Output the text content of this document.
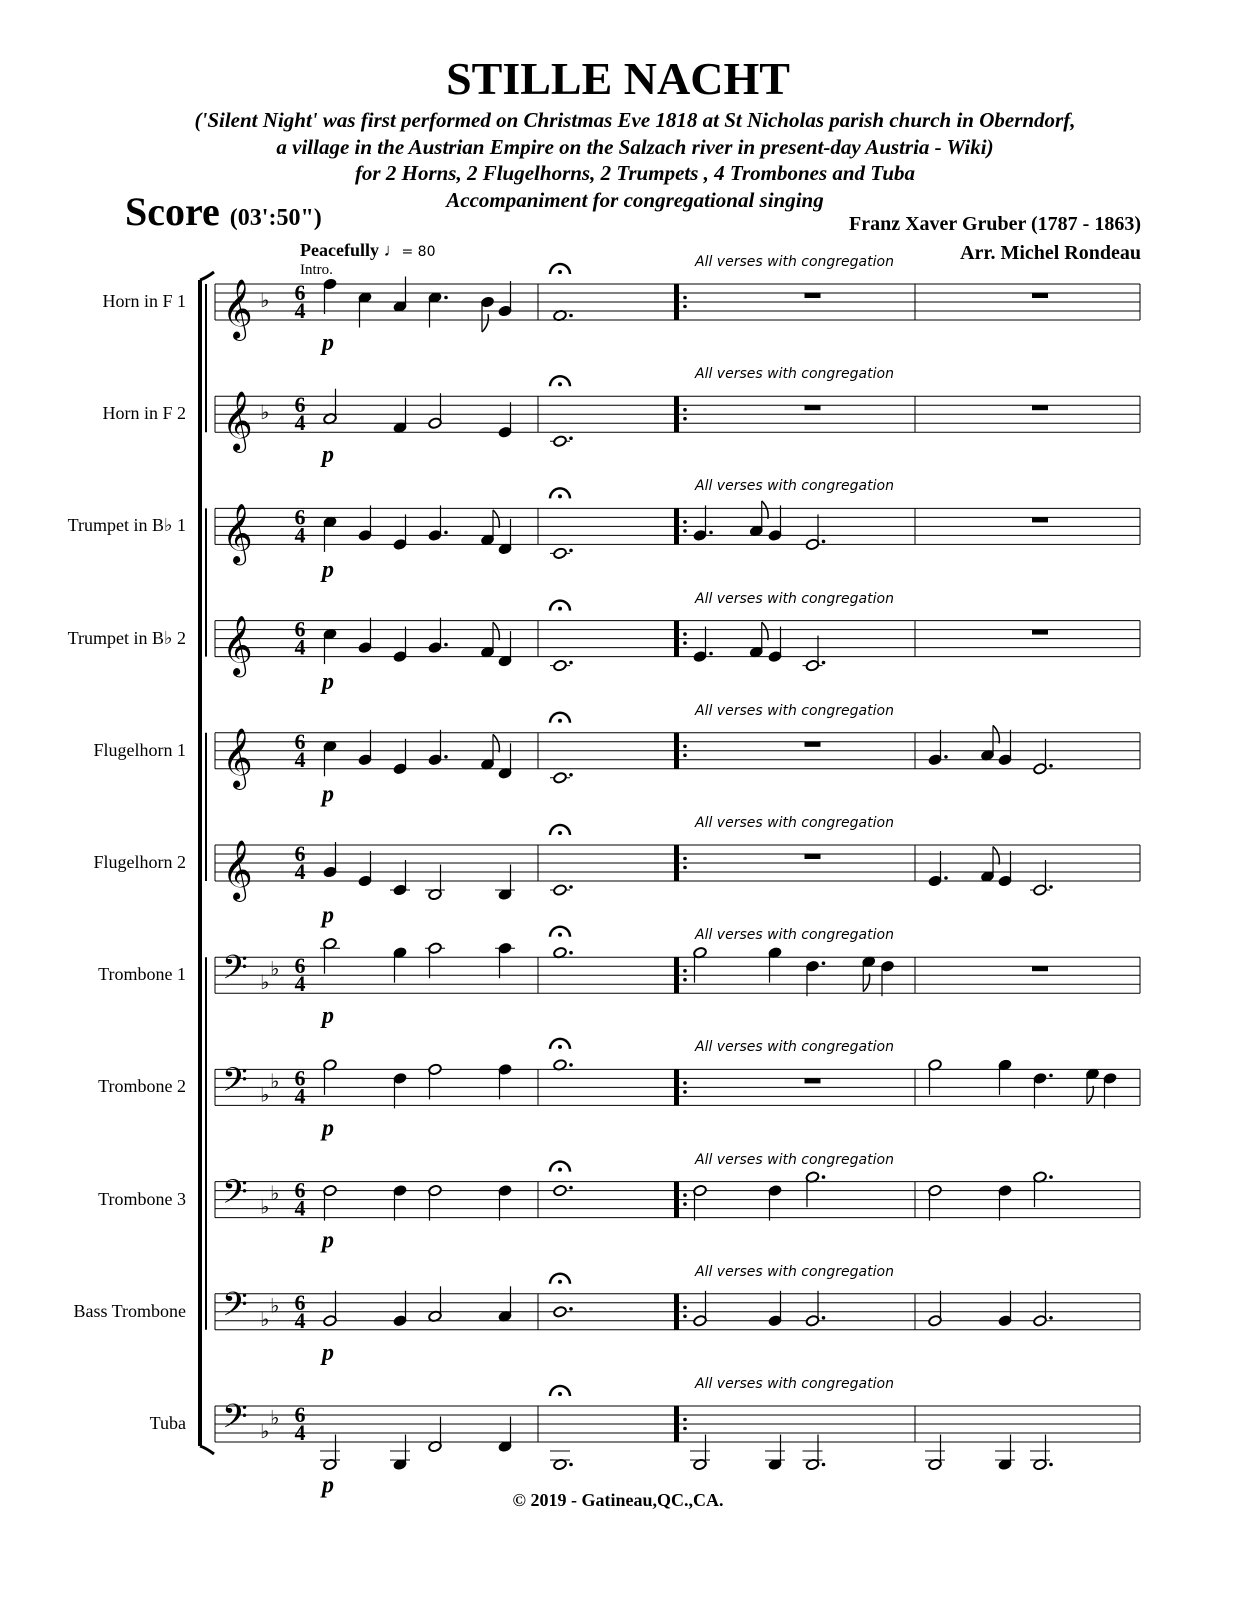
STILLE NACHT
('Silent Night' was first performed on Christmas Eve 1818 at St Nicholas parish church in Oberndorf,
a village in the Austrian Empire on the Salzach river in present-day Austria - Wiki)
for 2 Horns, 2 Flugelhorns, 2 Trumpets , 4 Trombones and Tuba
Accompaniment for congregational singing
Score (03':50")	Franz Xaver Gruber (1787 - 1863)
Arr. Michel Rondeau
Peacefully ♩= 80
Intro.
Horn in F 1
All verses with congregation
Horn in F 2
All verses with congregation
Trumpet in B♭ 1
All verses with congregation
Trumpet in B♭ 2
All verses with congregation
Flugelhorn 1
All verses with congregation
Flugelhorn 2
All verses with congregation
Trombone 1
All verses with congregation
Trombone 2
All verses with congregation
Trombone 3
All verses with congregation
Bass Trombone
All verses with congregation
Tuba
All verses with congregation
𝄞 ♭ 6
4
p
𝄞 ♭ 6
4
p
𝄞 6
4
p
𝄞 6
4
p
𝄞 6
4
p
𝄞 6
4
p
𝄢 ♭
♭ 6
4
p
𝄢 ♭
♭ 6
4
p
𝄢 ♭
♭ 6
4
p
𝄢 ♭
♭ 6
4
p
𝄢 ♭
♭ 6
4
p
© 2019 - Gatineau,QC.,CA.
